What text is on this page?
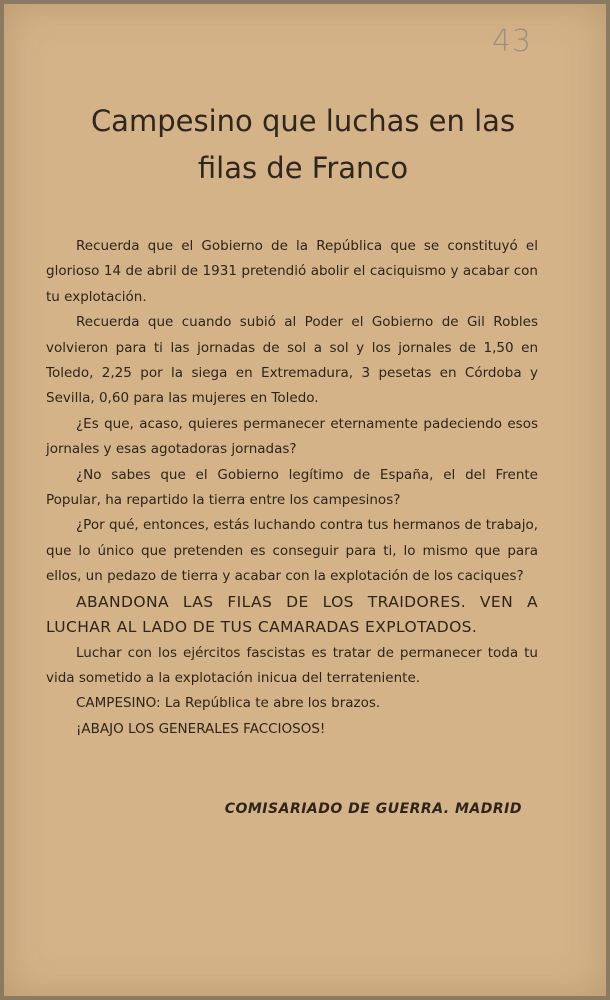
43
Campesino que luchas en las
filas de Franco

Recuerda que el Gobierno de la República que se constituyó el glorioso 14 de abril de 1931 pretendió abolir el caciquismo y acabar con tu explotación.

Recuerda que cuando subió al Poder el Gobierno de Gil Robles volvieron para ti las jornadas de sol a sol y los jornales de 1,50 en Toledo, 2,25 por la siega en Extremadura, 3 pesetas en Córdoba y Sevilla, 0,60 para las mujeres en Toledo.

¿Es que, acaso, quieres permanecer eternamente padeciendo esos jornales y esas agotadoras jornadas?

¿No sabes que el Gobierno legítimo de España, el del Frente Popular, ha repartido la tierra entre los campesinos?

¿Por qué, entonces, estás luchando contra tus hermanos de trabajo, que lo único que pretenden es conseguir para ti, lo mismo que para ellos, un pedazo de tierra y acabar con la explotación de los caciques?

ABANDONA LAS FILAS DE LOS TRAIDORES. VEN A LUCHAR AL LADO DE TUS CAMARADAS EXPLOTADOS.

Luchar con los ejércitos fascistas es tratar de permanecer toda tu vida sometido a la explotación inicua del terrateniente.

CAMPESINO: La República te abre los brazos.

¡ABAJO LOS GENERALES FACCIOSOS!

COMISARIADO DE GUERRA. MADRID
